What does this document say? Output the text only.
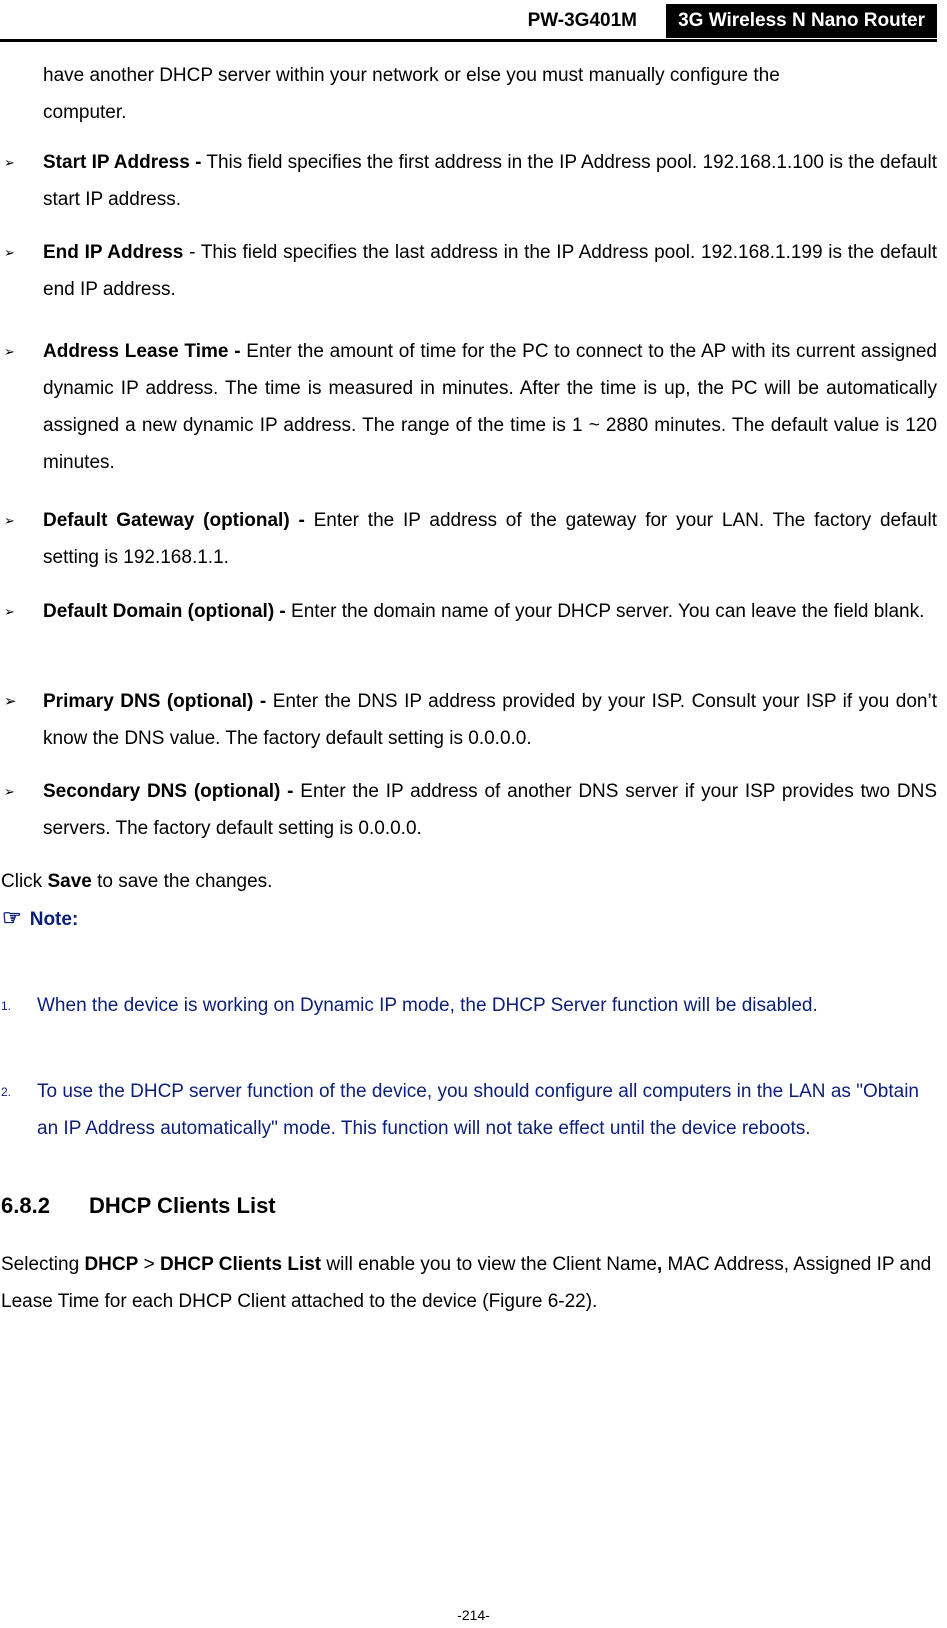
PW-3G401M	3G Wireless N Nano Router
have another DHCP server within your network or else you must manually configure the
computer.
➢ Start IP Address - This field specifies the first address in the IP Address pool. 192.168.1.100 is the default start IP address.
➢ End IP Address - This field specifies the last address in the IP Address pool. 192.168.1.199 is the default end IP address.
➢ Address Lease Time - Enter the amount of time for the PC to connect to the AP with its current assigned dynamic IP address. The time is measured in minutes. After the time is up, the PC will be automatically assigned a new dynamic IP address. The range of the time is 1 ~ 2880 minutes. The default value is 120 minutes.
➢ Default Gateway (optional) - Enter the IP address of the gateway for your LAN. The factory default setting is 192.168.1.1.
➢ Default Domain (optional) - Enter the domain name of your DHCP server. You can leave the field blank.
➢ Primary DNS (optional) - Enter the DNS IP address provided by your ISP. Consult your ISP if you don’t know the DNS value. The factory default setting is 0.0.0.0.
➢ Secondary DNS (optional) - Enter the IP address of another DNS server if your ISP provides two DNS servers. The factory default setting is 0.0.0.0.
Click Save to save the changes.
☞ Note:
1. When the device is working on Dynamic IP mode, the DHCP Server function will be disabled.
2. To use the DHCP server function of the device, you should configure all computers in the LAN as "Obtain an IP Address automatically" mode. This function will not take effect until the device reboots.
6.8.2 DHCP Clients List
Selecting DHCP > DHCP Clients List will enable you to view the Client Name, MAC Address, Assigned IP and Lease Time for each DHCP Client attached to the device (Figure 6-22).
-214-
